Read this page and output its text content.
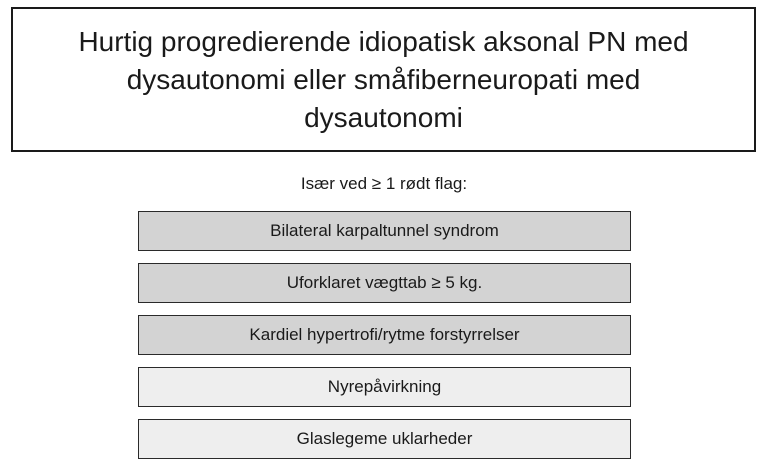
Hurtig progredierende idiopatisk aksonal PN med dysautonomi eller småfiberneuropati med dysautonomi
Især ved ≥ 1 rødt flag:
Bilateral karpaltunnel syndrom
Uforklaret vægttab ≥ 5 kg.
Kardiel hypertrofi/rytme forstyrrelser
Nyrepåvirkning
Glaslegeme uklarheder
